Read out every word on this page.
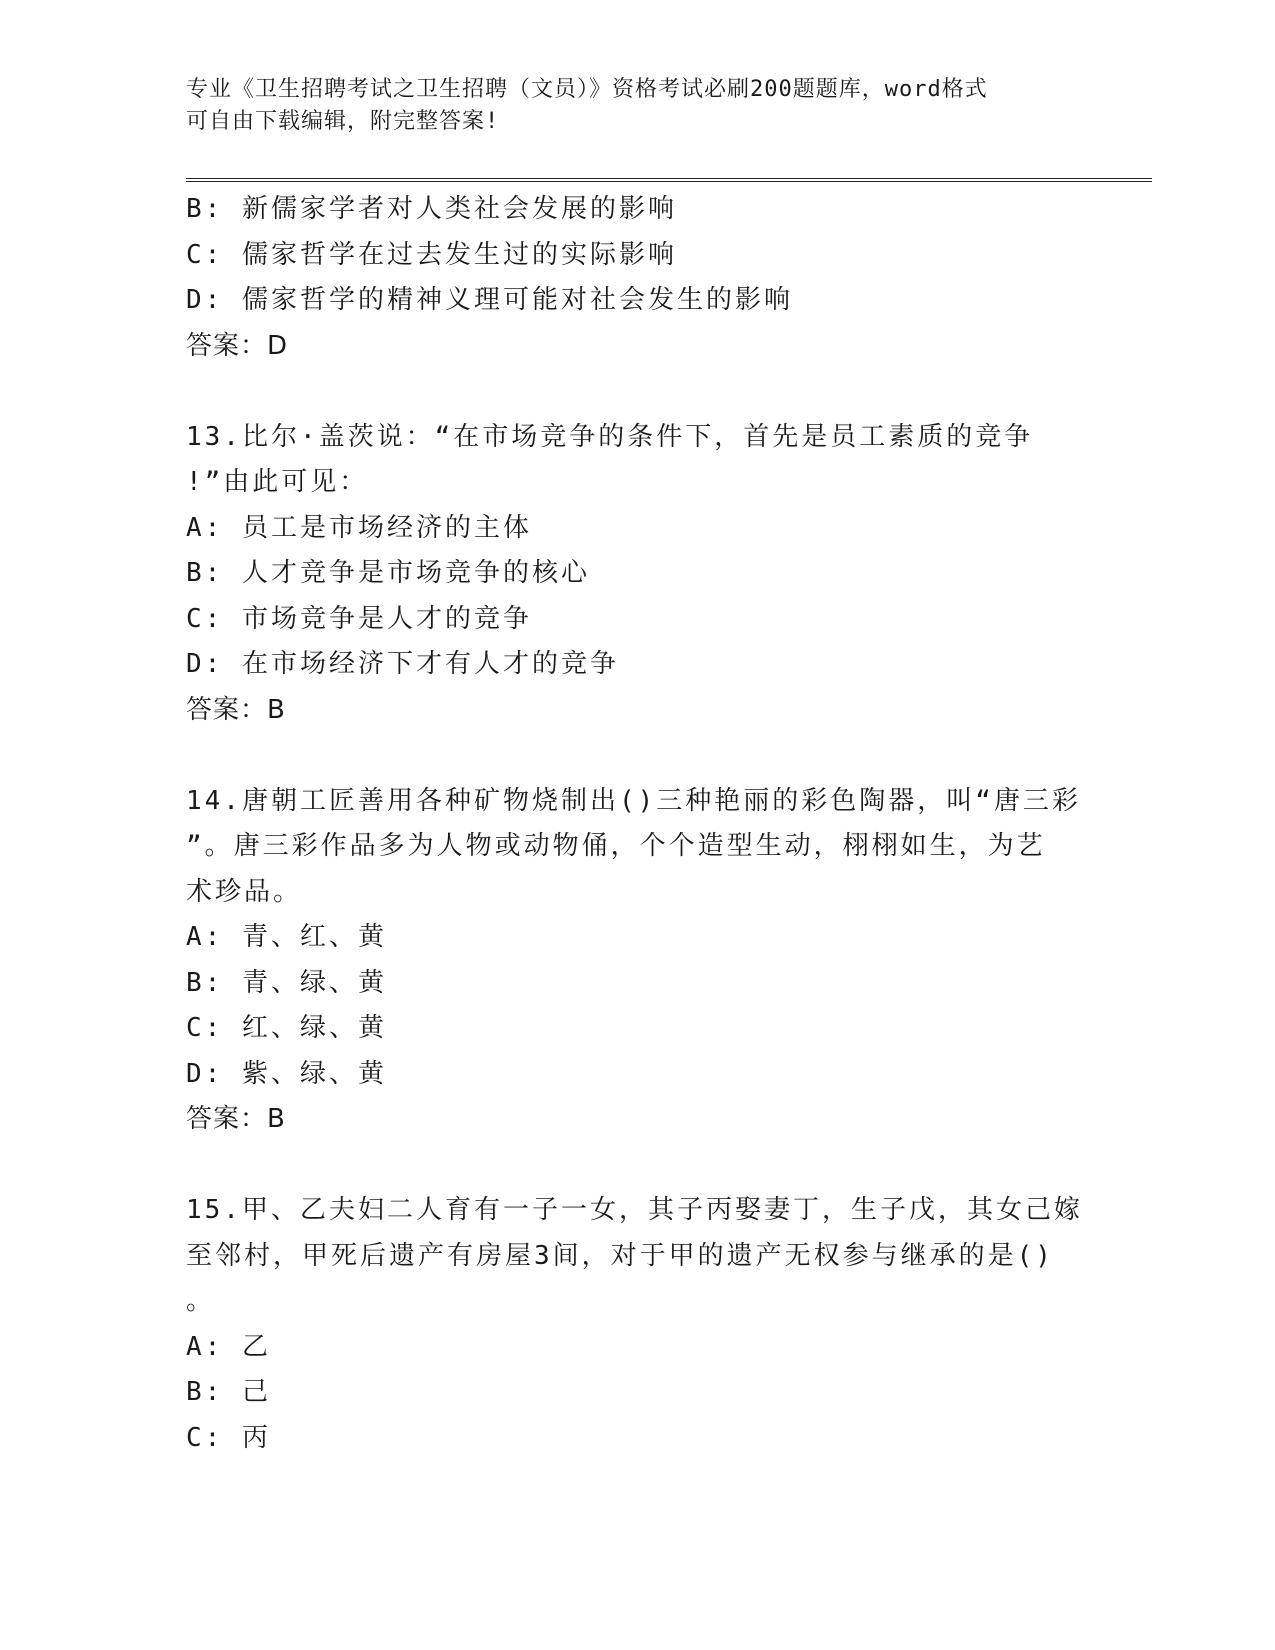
专业《卫生招聘考试之卫生招聘（文员）》资格考试必刷200题题库，word格式
可自由下载编辑，附完整答案!
B: 新儒家学者对人类社会发展的影响
C: 儒家哲学在过去发生过的实际影响
D: 儒家哲学的精神义理可能对社会发生的影响
答案：D
13.比尔·盖茨说：“在市场竞争的条件下，首先是员工素质的竞争
!”由此可见：
A: 员工是市场经济的主体
B: 人才竞争是市场竞争的核心
C: 市场竞争是人才的竞争
D: 在市场经济下才有人才的竞争
答案：B
14.唐朝工匠善用各种矿物烧制出()三种艳丽的彩色陶器，叫“唐三彩
”。唐三彩作品多为人物或动物俑，个个造型生动，栩栩如生，为艺
术珍品。
A: 青、红、黄
B: 青、绿、黄
C: 红、绿、黄
D: 紫、绿、黄
答案：B
15.甲、乙夫妇二人育有一子一女，其子丙娶妻丁，生子戊，其女己嫁
至邻村，甲死后遗产有房屋3间，对于甲的遗产无权参与继承的是()
。
A: 乙
B: 己
C: 丙
